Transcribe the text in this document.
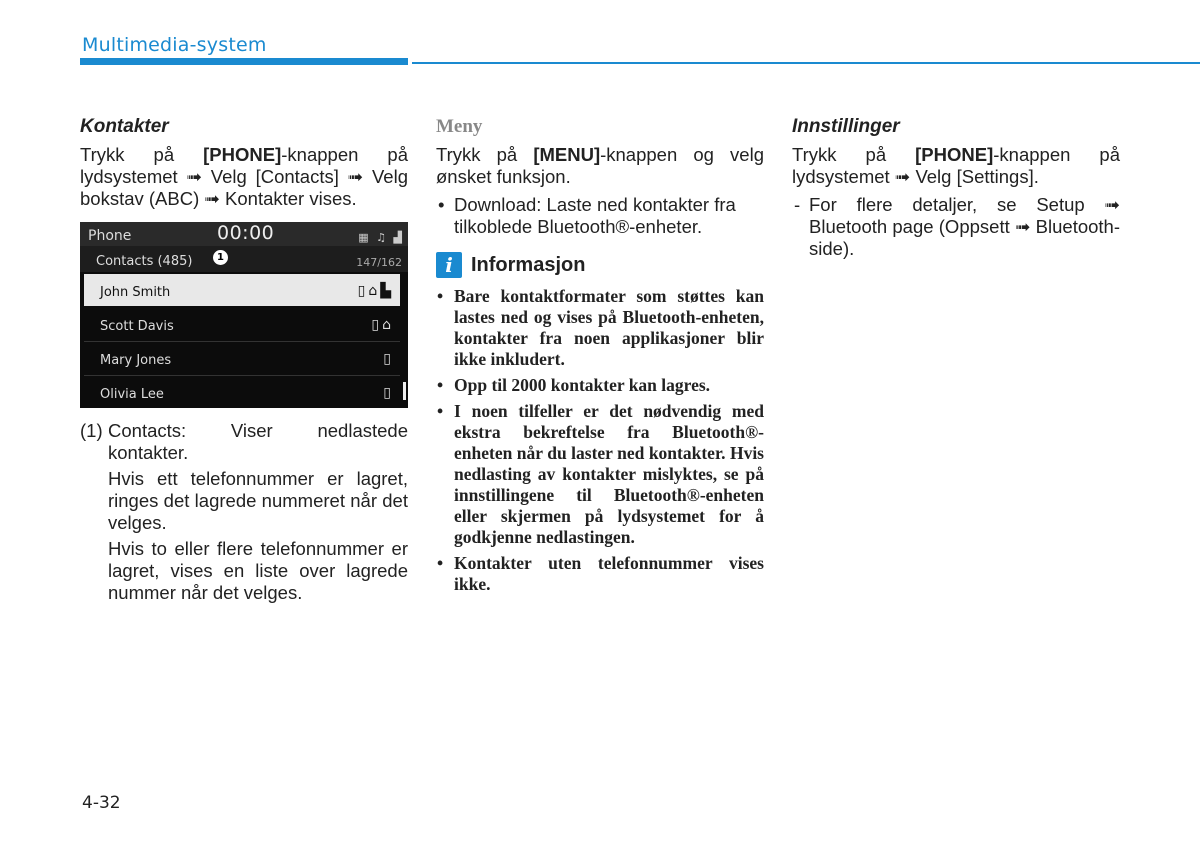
Multimedia-system
Kontakter

Trykk på [PHONE]-knappen på lydsystemet ➟ Velg [Contacts] ➟ Velg bokstav (ABC) ➟ Kontakter vises.

Phone	00:00	▦ ♫ ▟
Contacts (485)	1	147/162
John Smith	▯⌂▙
Scott Davis	▯⌂
Mary Jones	▯
Olivia Lee	▯
(1) Contacts: Viser nedlastede kontakter.

Hvis ett telefonnummer er lagret, ringes det lagrede nummeret når det velges.

Hvis to eller flere telefonnummer er lagret, vises en liste over lagrede nummer når det velges.

Meny

Trykk på [MENU]-knappen og velg ønsket funksjon.

• Download: Laste ned kontakter fra tilkoblede Bluetooth®-enheter.
i Informasjon
• Bare kontaktformater som støttes kan lastes ned og vises på Bluetooth-enheten, kontakter fra noen applikasjoner blir ikke inkludert.
• Opp til 2000 kontakter kan lagres.
• I noen tilfeller er det nødvendig med ekstra bekreftelse fra Bluetooth®-enheten når du laster ned kontakter. Hvis nedlasting av kontakter mislyktes, se på innstillingene til Bluetooth®-enheten eller skjermen på lydsystemet for å godkjenne nedlastingen.
• Kontakter uten telefonnummer vises ikke.
Innstillinger

Trykk på [PHONE]-knappen på lydsystemet ➟ Velg [Settings].

- For flere detaljer, se Setup ➟ Bluetooth page (Oppsett ➟ Bluetooth-side).
4-32
